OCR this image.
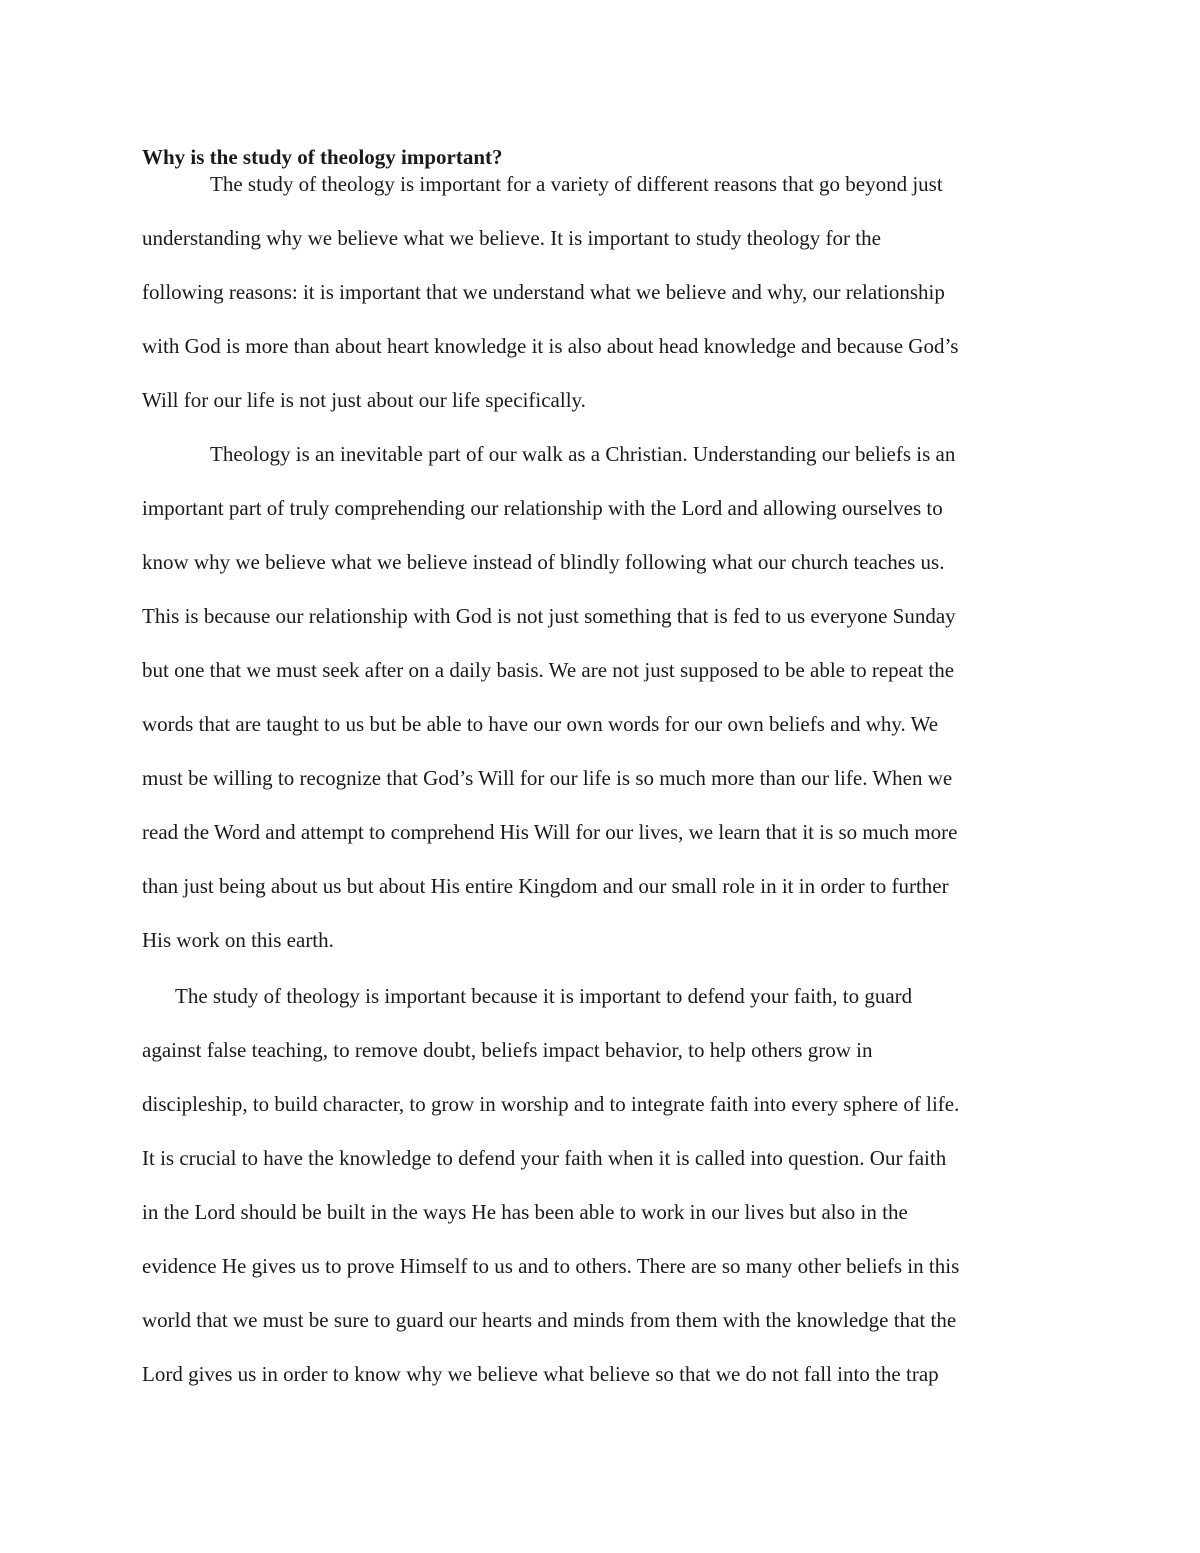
Why is the study of theology important?
The study of theology is important for a variety of different reasons that go beyond just
understanding why we believe what we believe. It is important to study theology for the
following reasons: it is important that we understand what we believe and why, our relationship
with God is more than about heart knowledge it is also about head knowledge and because God’s
Will for our life is not just about our life specifically.
Theology is an inevitable part of our walk as a Christian. Understanding our beliefs is an
important part of truly comprehending our relationship with the Lord and allowing ourselves to
know why we believe what we believe instead of blindly following what our church teaches us.
This is because our relationship with God is not just something that is fed to us everyone Sunday
but one that we must seek after on a daily basis. We are not just supposed to be able to repeat the
words that are taught to us but be able to have our own words for our own beliefs and why. We
must be willing to recognize that God’s Will for our life is so much more than our life. When we
read the Word and attempt to comprehend His Will for our lives, we learn that it is so much more
than just being about us but about His entire Kingdom and our small role in it in order to further
His work on this earth.
The study of theology is important because it is important to defend your faith, to guard
against false teaching, to remove doubt, beliefs impact behavior, to help others grow in
discipleship, to build character, to grow in worship and to integrate faith into every sphere of life.
It is crucial to have the knowledge to defend your faith when it is called into question. Our faith
in the Lord should be built in the ways He has been able to work in our lives but also in the
evidence He gives us to prove Himself to us and to others. There are so many other beliefs in this
world that we must be sure to guard our hearts and minds from them with the knowledge that the
Lord gives us in order to know why we believe what believe so that we do not fall into the trap
